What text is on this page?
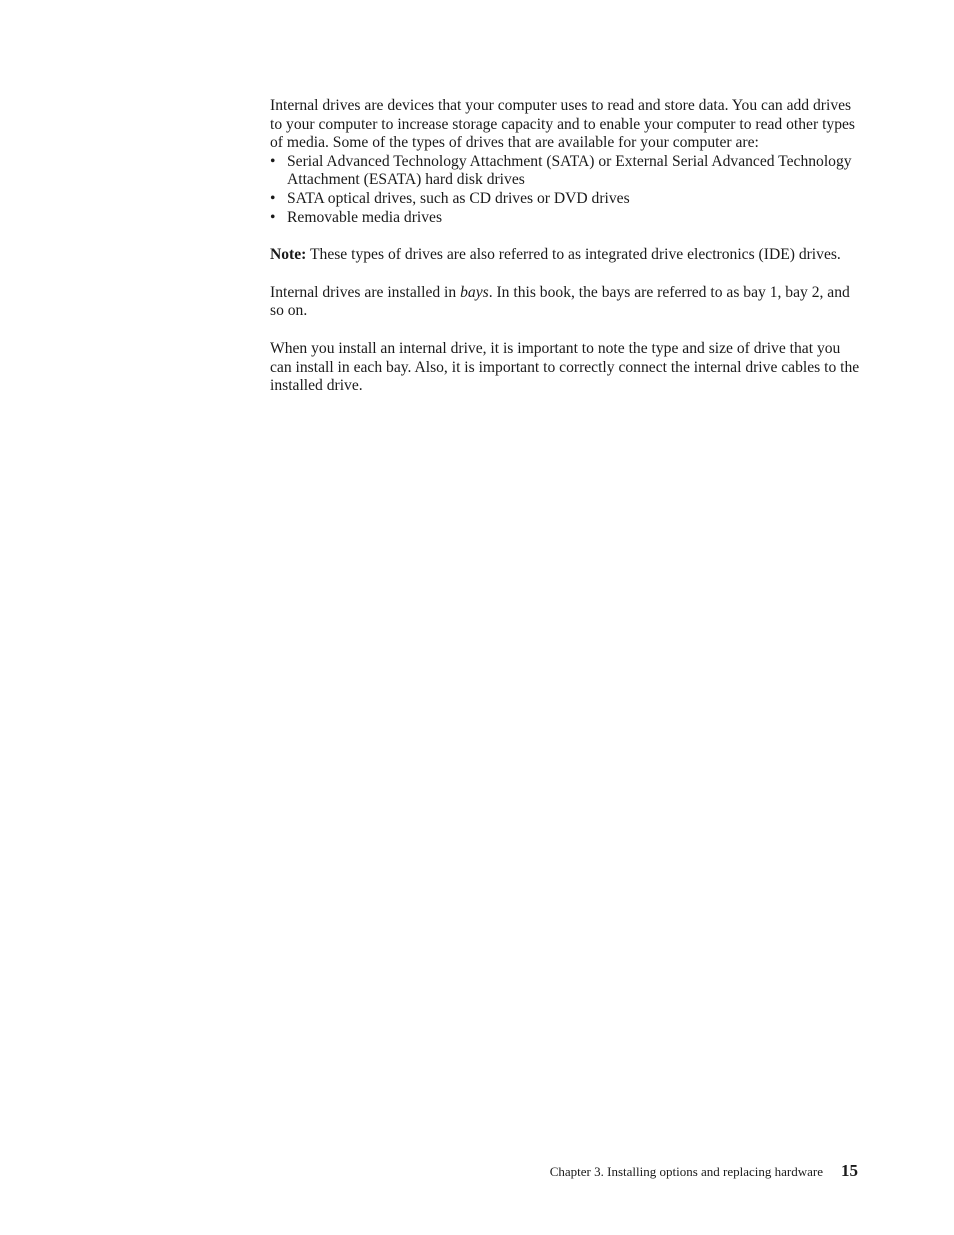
Internal drives are devices that your computer uses to read and store data. You can add drives to your computer to increase storage capacity and to enable your computer to read other types of media. Some of the types of drives that are available for your computer are:

• Serial Advanced Technology Attachment (SATA) or External Serial Advanced Technology Attachment (ESATA) hard disk drives
• SATA optical drives, such as CD drives or DVD drives
• Removable media drives

Note: These types of drives are also referred to as integrated drive electronics (IDE) drives.

Internal drives are installed in bays. In this book, the bays are referred to as bay 1, bay 2, and so on.

When you install an internal drive, it is important to note the type and size of drive that you can install in each bay. Also, it is important to correctly connect the internal drive cables to the installed drive.

Chapter 3. Installing options and replacing hardware 15
